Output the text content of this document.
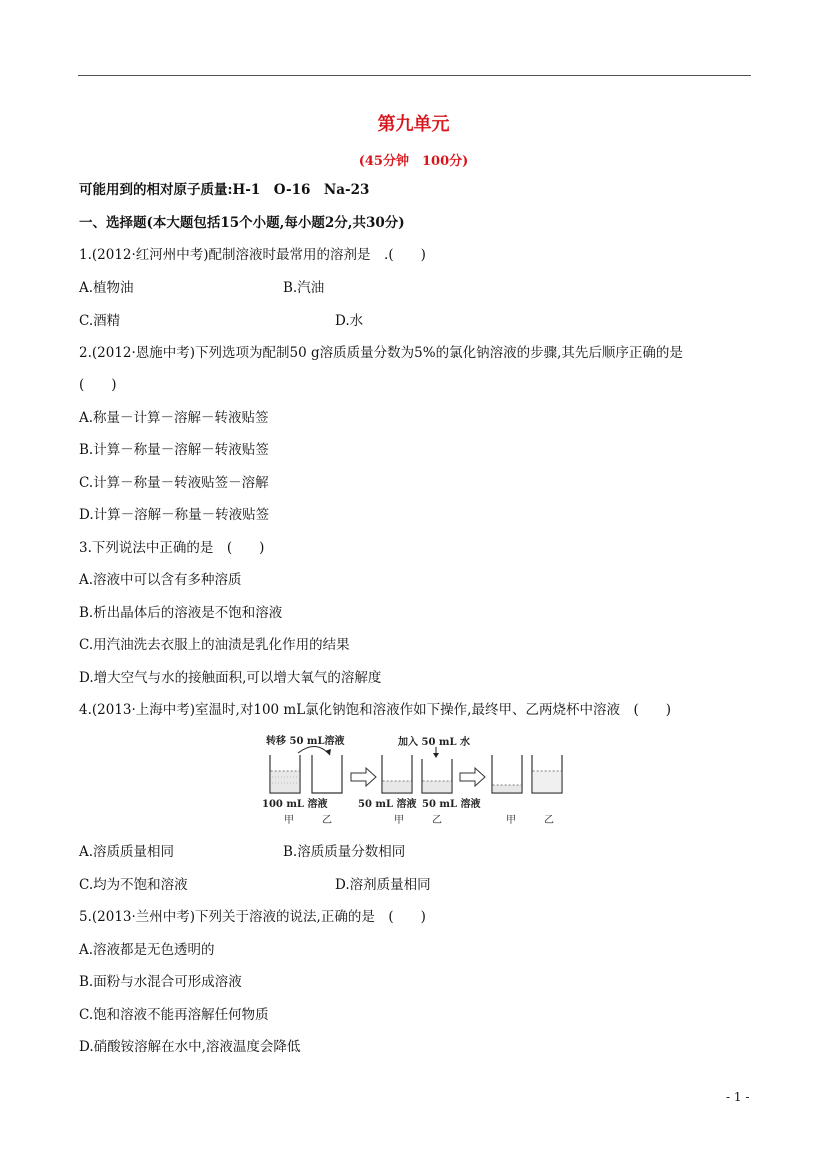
第九单元
(45分钟　100分)
可能用到的相对原子质量:H-1　O-16　Na-23
一、选择题(本大题包括15个小题,每小题2分,共30分)
1.(2012·红河州中考)配制溶液时最常用的溶剂是　.(　　)
A.植物油	B.汽油
C.酒精	D.水
2.(2012·恩施中考)下列选项为配制50 g溶质质量分数为5%的氯化钠溶液的步骤,其先后顺序正确的是
(　　)
A.称量－计算－溶解－转液贴签
B.计算－称量－溶解－转液贴签
C.计算－称量－转液贴签－溶解
D.计算－溶解－称量－转液贴签
3.下列说法中正确的是　(　　)
A.溶液中可以含有多种溶质
B.析出晶体后的溶液是不饱和溶液
C.用汽油洗去衣服上的油渍是乳化作用的结果
D.增大空气与水的接触面积,可以增大氧气的溶解度
4.(2013·上海中考)室温时,对100 mL氯化钠饱和溶液作如下操作,最终甲、乙两烧杯中溶液　(　　)
转移 50 mL溶液	加入 50 mL 水
100 mL 溶液	50 mL 溶液 50 mL 溶液
甲	乙	甲	乙	甲	乙
A.溶质质量相同	B.溶质质量分数相同
C.均为不饱和溶液	D.溶剂质量相同
5.(2013·兰州中考)下列关于溶液的说法,正确的是　(　　)
A.溶液都是无色透明的
B.面粉与水混合可形成溶液
C.饱和溶液不能再溶解任何物质
D.硝酸铵溶解在水中,溶液温度会降低
- 1 -
